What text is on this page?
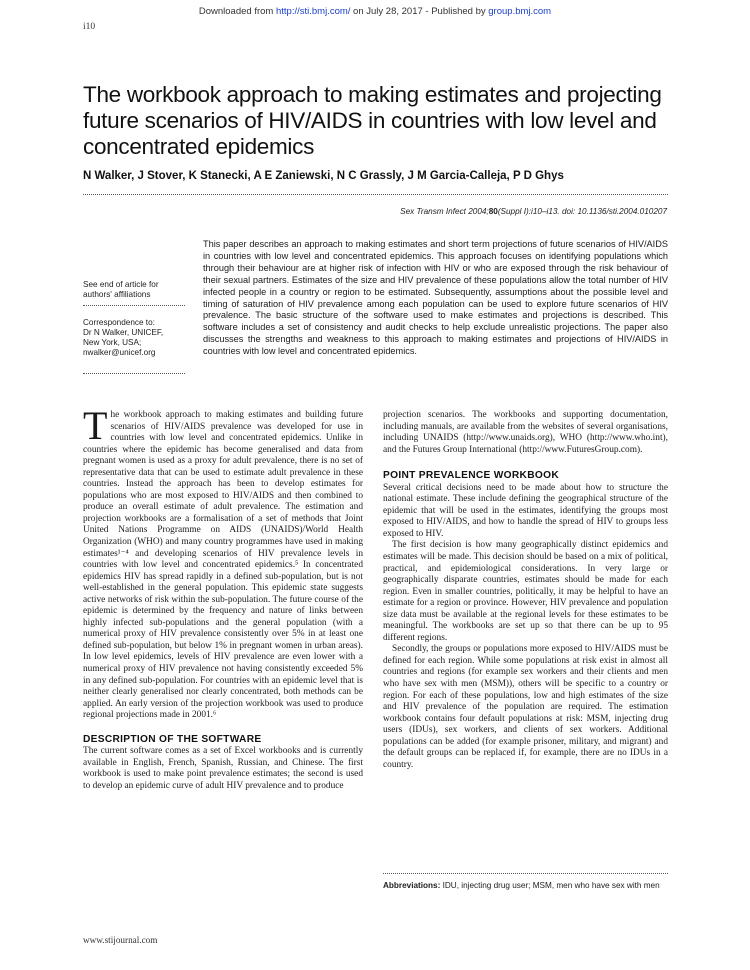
Downloaded from http://sti.bmj.com/ on July 28, 2017 - Published by group.bmj.com
i10
The workbook approach to making estimates and projecting future scenarios of HIV/AIDS in countries with low level and concentrated epidemics
N Walker, J Stover, K Stanecki, A E Zaniewski, N C Grassly, J M Garcia-Calleja, P D Ghys
Sex Transm Infect 2004;80(Suppl I):i10–i13. doi: 10.1136/sti.2004.010207
See end of article for authors' affiliations
Correspondence to:
Dr N Walker, UNICEF,
New York, USA;
nwalker@unicef.org
This paper describes an approach to making estimates and short term projections of future scenarios of HIV/AIDS in countries with low level and concentrated epidemics. This approach focuses on identifying populations which through their behaviour are at higher risk of infection with HIV or who are exposed through the risk behaviour of their sexual partners. Estimates of the size and HIV prevalence of these populations allow the total number of HIV infected people in a country or region to be estimated. Subsequently, assumptions about the possible level and timing of saturation of HIV prevalence among each population can be used to explore future scenarios of HIV prevalence. The basic structure of the software used to make estimates and projections is described. This software includes a set of consistency and audit checks to help exclude unrealistic projections. The paper also discusses the strengths and weakness to this approach to making estimates and projections of HIV/AIDS in countries with low level and concentrated epidemics.

The workbook approach to making estimates and building future scenarios of HIV/AIDS prevalence was developed for use in countries with low level and concentrated epidemics. Unlike in countries where the epidemic has become generalised and data from pregnant women is used as a proxy for adult prevalence, there is no set of representative data that can be used to estimate adult prevalence in these countries. Instead the approach has been to develop estimates for populations who are most exposed to HIV/AIDS and then combined to produce an overall estimate of adult prevalence. The estimation and projection workbooks are a formalisation of a set of methods that Joint United Nations Programme on AIDS (UNAIDS)/World Health Organization (WHO) and many country programmes have used in making estimates¹⁻⁴ and developing scenarios of HIV prevalence levels in countries with low level and concentrated epidemics.⁵ In concentrated epidemics HIV has spread rapidly in a defined sub-population, but is not well-established in the general population. This epidemic state suggests active networks of risk within the sub-population. The future course of the epidemic is determined by the frequency and nature of links between highly infected sub-populations and the general population (with a numerical proxy of HIV prevalence consistently over 5% in at least one defined sub-population, but below 1% in pregnant women in urban areas). In low level epidemics, levels of HIV prevalence are even lower with a numerical proxy of HIV prevalence not having consistently exceeded 5% in any defined sub-population. For countries with an epidemic level that is neither clearly generalised nor clearly concentrated, both methods can be applied. An early version of the projection workbook was used to produce regional projections made in 2001.⁶

DESCRIPTION OF THE SOFTWARE

The current software comes as a set of Excel workbooks and is currently available in English, French, Spanish, Russian, and Chinese. The first workbook is used to make point prevalence estimates; the second is used to develop an epidemic curve of adult HIV prevalence and to produce

projection scenarios. The workbooks and supporting documentation, including manuals, are available from the websites of several organisations, including UNAIDS (http://www.unaids.org), WHO (http://www.who.int), and the Futures Group International (http://www.FuturesGroup.com).

POINT PREVALENCE WORKBOOK

Several critical decisions need to be made about how to structure the national estimate. These include defining the geographical structure of the epidemic that will be used in the estimates, identifying the groups most exposed to HIV/AIDS, and how to handle the spread of HIV to groups less exposed to HIV.

The first decision is how many geographically distinct epidemics and estimates will be made. This decision should be based on a mix of political, practical, and epidemiological considerations. In very large or geographically disparate countries, estimates should be made for each region. Even in smaller countries, politically, it may be helpful to have an estimate for a region or province. However, HIV prevalence and population size data must be available at the regional levels for these estimates to be meaningful. The workbooks are set up so that there can be up to 95 different regions.

Secondly, the groups or populations more exposed to HIV/AIDS must be defined for each region. While some populations at risk exist in almost all countries and regions (for example sex workers and their clients and men who have sex with men (MSM)), others will be specific to a country or region. For each of these populations, low and high estimates of the size and HIV prevalence of the population are required. The estimation workbook contains four default populations at risk: MSM, injecting drug users (IDUs), sex workers, and clients of sex workers. Additional populations can be added (for example prisoner, military, and migrant) and the default groups can be replaced if, for example, there are no IDUs in a country.

Abbreviations: IDU, injecting drug user; MSM, men who have sex with men
www.stijournal.com
